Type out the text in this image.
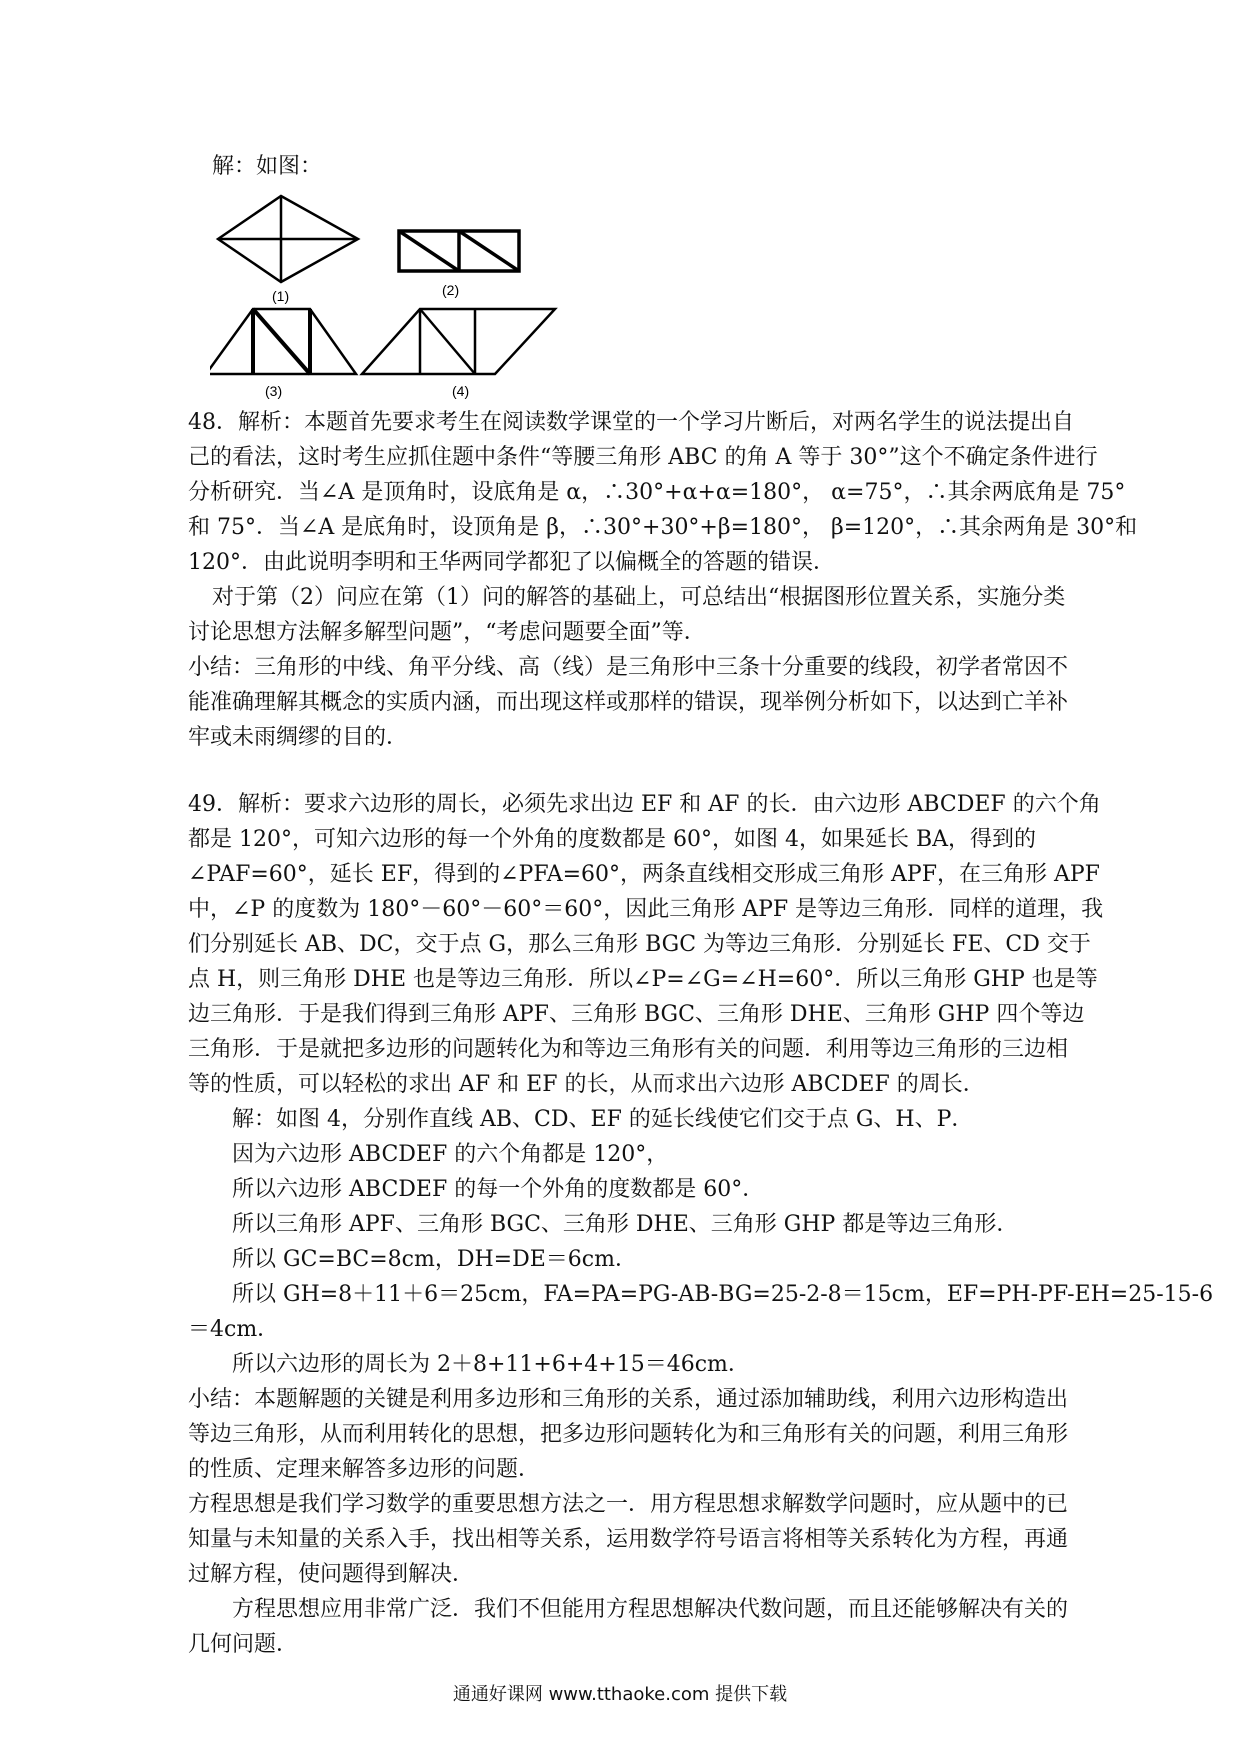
解：如图：
(1)	(2)
(3)	(4)
48．解析：本题首先要求考生在阅读数学课堂的一个学习片断后，对两名学生的说法提出自
己的看法，这时考生应抓住题中条件“等腰三角形 ABC 的角 A 等于 30°”这个不确定条件进行
分析研究．当∠A 是顶角时，设底角是 α，∴30°+α+α=180°， α=75°，∴其余两底角是 75°
和 75°．当∠A 是底角时，设顶角是 β，∴30°+30°+β=180°， β=120°，∴其余两角是 30°和
120°．由此说明李明和王华两同学都犯了以偏概全的答题的错误．
对于第（2）问应在第（1）问的解答的基础上，可总结出“根据图形位置关系，实施分类
讨论思想方法解多解型问题”，“考虑问题要全面”等．
小结：三角形的中线、角平分线、高（线）是三角形中三条十分重要的线段，初学者常因不
能准确理解其概念的实质内涵，而出现这样或那样的错误，现举例分析如下，以达到亡羊补
牢或未雨绸缪的目的．
49．解析：要求六边形的周长，必须先求出边 EF 和 AF 的长．由六边形 ABCDEF 的六个角
都是 120°，可知六边形的每一个外角的度数都是 60°，如图 4，如果延长 BA，得到的
∠PAF=60°，延长 EF，得到的∠PFA=60°，两条直线相交形成三角形 APF，在三角形 APF
中，∠P 的度数为 180°－60°－60°＝60°，因此三角形 APF 是等边三角形．同样的道理，我
们分别延长 AB、DC，交于点 G，那么三角形 BGC 为等边三角形．分别延长 FE、CD 交于
点 H，则三角形 DHE 也是等边三角形．所以∠P=∠G=∠H=60°．所以三角形 GHP 也是等
边三角形．于是我们得到三角形 APF、三角形 BGC、三角形 DHE、三角形 GHP 四个等边
三角形．于是就把多边形的问题转化为和等边三角形有关的问题．利用等边三角形的三边相
等的性质，可以轻松的求出 AF 和 EF 的长，从而求出六边形 ABCDEF 的周长．
解：如图 4，分别作直线 AB、CD、EF 的延长线使它们交于点 G、H、P．
因为六边形 ABCDEF 的六个角都是 120°，
所以六边形 ABCDEF 的每一个外角的度数都是 60°．
所以三角形 APF、三角形 BGC、三角形 DHE、三角形 GHP 都是等边三角形．
所以 GC=BC=8cm，DH=DE＝6cm．
所以 GH=8＋11＋6＝25cm，FA=PA=PG-AB-BG=25-2-8＝15cm，EF=PH-PF-EH=25-15-6
＝4cm．
所以六边形的周长为 2＋8+11+6+4+15＝46cm．
小结：本题解题的关键是利用多边形和三角形的关系，通过添加辅助线，利用六边形构造出
等边三角形，从而利用转化的思想，把多边形问题转化为和三角形有关的问题，利用三角形
的性质、定理来解答多边形的问题．
方程思想是我们学习数学的重要思想方法之一．用方程思想求解数学问题时，应从题中的已
知量与未知量的关系入手，找出相等关系，运用数学符号语言将相等关系转化为方程，再通
过解方程，使问题得到解决．
方程思想应用非常广泛．我们不但能用方程思想解决代数问题，而且还能够解决有关的
几何问题．
通通好课网 www.tthaoke.com 提供下载
